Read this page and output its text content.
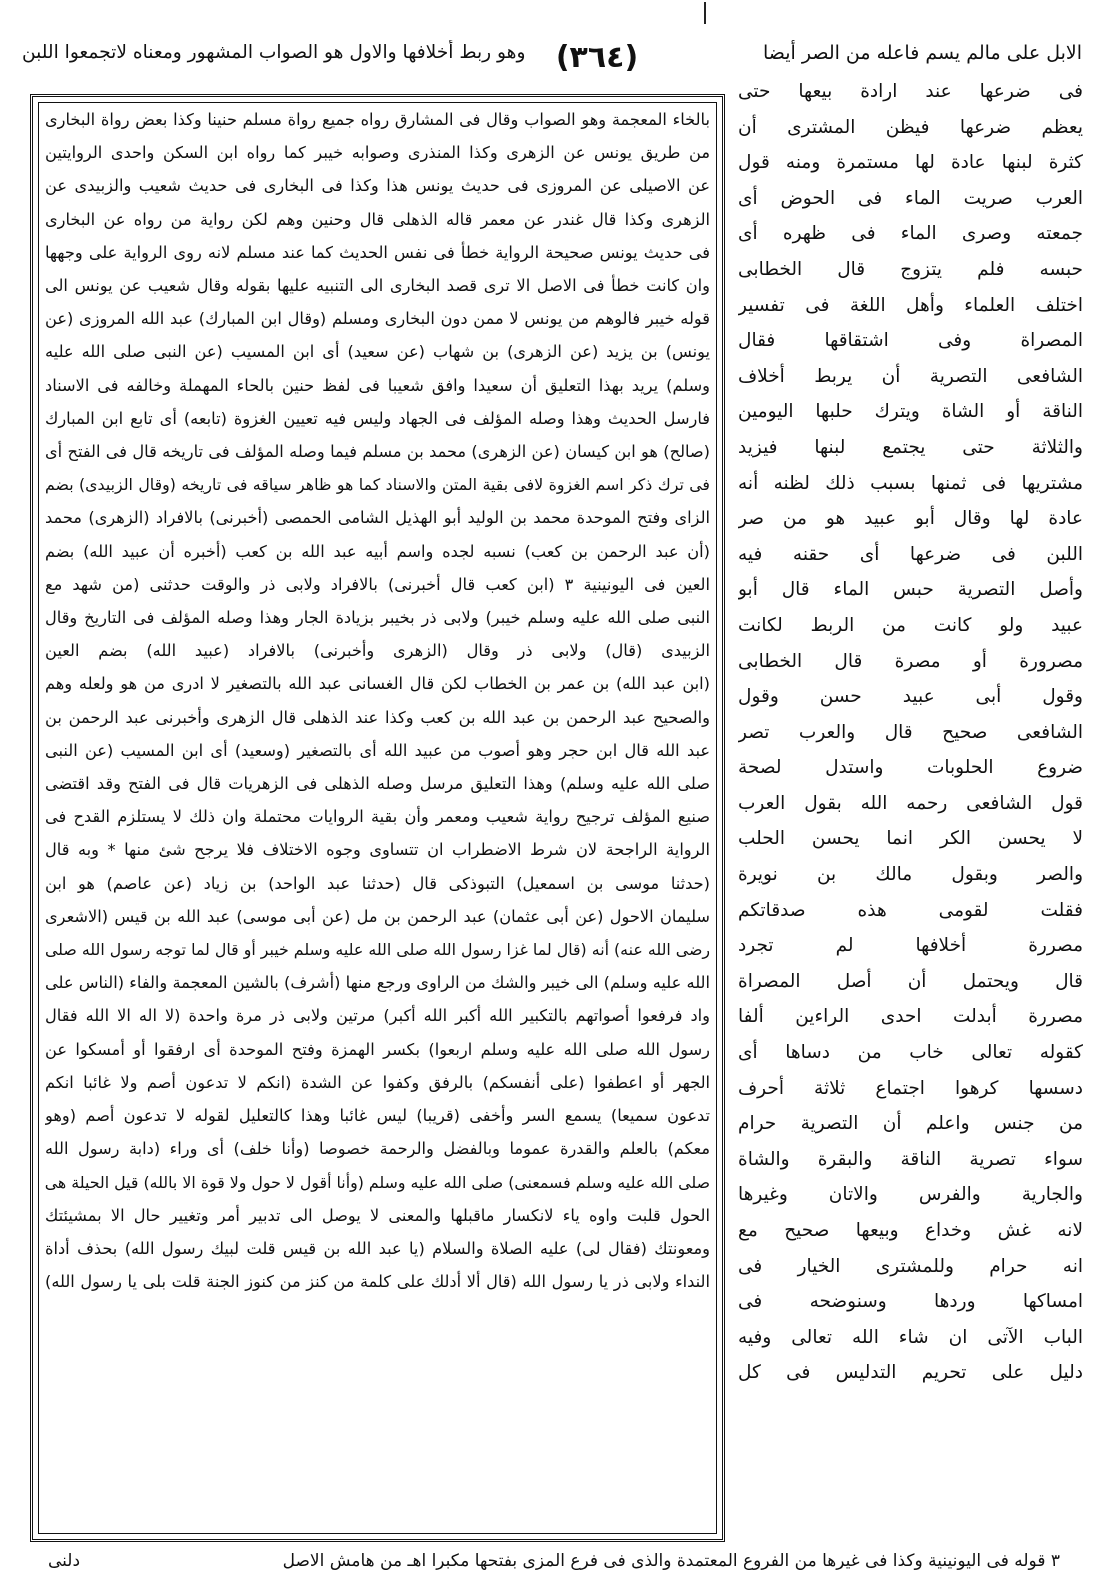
الابل على مالم يسم فاعله من الصر أيضا
(٣٦٤)
وهو ربط أخلافها والاول هو الصواب المشهور ومعناه لاتجمعوا اللبن
بالخاء المعجمة وهو الصواب وقال فى المشارق رواه جميع رواة مسلم حنينا وكذا بعض رواة البخارى
من طريق يونس عن الزهرى وكذا المنذرى وصوابه خيبر كما رواه ابن السكن واحدى الروايتين
عن الاصيلى عن المروزى فى حديث يونس هذا وكذا فى البخارى فى حديث شعيب والزبيدى عن
الزهرى وكذا قال غندر عن معمر قاله الذهلى قال وحنين وهم لكن رواية من رواه عن البخارى
فى حديث يونس صحيحة الرواية خطأ فى نفس الحديث كما عند مسلم لانه روى الرواية على وجهها
وان كانت خطأ فى الاصل الا ترى قصد البخارى الى التنبيه عليها بقوله وقال شعيب عن يونس الى
قوله خيبر فالوهم من يونس لا ممن دون البخارى ومسلم (وقال ابن المبارك) عبد الله المروزى (عن
يونس) بن يزيد (عن الزهرى) بن شهاب (عن سعيد) أى ابن المسيب (عن النبى صلى الله عليه
وسلم) يريد بهذا التعليق أن سعيدا وافق شعيبا فى لفظ حنين بالحاء المهملة وخالفه فى الاسناد
فارسل الحديث وهذا وصله المؤلف فى الجهاد وليس فيه تعيين الغزوة (تابعه) أى تابع ابن المبارك
(صالح) هو ابن كيسان (عن الزهرى) محمد بن مسلم فيما وصله المؤلف فى تاريخه قال فى الفتح أى
فى ترك ذكر اسم الغزوة لافى بقية المتن والاسناد كما هو ظاهر سياقه فى تاريخه (وقال الزبيدى) بضم
الزاى وفتح الموحدة محمد بن الوليد أبو الهذيل الشامى الحمصى (أخبرنى) بالافراد (الزهرى) محمد
(أن عبد الرحمن بن كعب) نسبه لجده واسم أبيه عبد الله بن كعب (أخبره أن عبيد الله) بضم
العين فى اليونينية ٣ (ابن كعب قال أخبرنى) بالافراد ولابى ذر والوقت حدثنى (من شهد مع
النبى صلى الله عليه وسلم خيبر) ولابى ذر بخيبر بزيادة الجار وهذا وصله المؤلف فى التاريخ وقال
الزبيدى (قال) ولابى ذر وقال (الزهرى وأخبرنى) بالافراد (عبيد الله) بضم العين
(ابن عبد الله) بن عمر بن الخطاب لكن قال الغسانى عبد الله بالتصغير لا ادرى من هو ولعله وهم
والصحيح عبد الرحمن بن عبد الله بن كعب وكذا عند الذهلى قال الزهرى وأخبرنى عبد الرحمن بن
عبد الله قال ابن حجر وهو أصوب من عبيد الله أى بالتصغير (وسعيد) أى ابن المسيب (عن النبى
صلى الله عليه وسلم) وهذا التعليق مرسل وصله الذهلى فى الزهريات قال فى الفتح وقد اقتضى
صنيع المؤلف ترجيح رواية شعيب ومعمر وأن بقية الروايات محتملة وان ذلك لا يستلزم القدح فى
الرواية الراجحة لان شرط الاضطراب ان تتساوى وجوه الاختلاف فلا يرجح شئ منها * وبه قال
(حدثنا موسى بن اسمعيل) التبوذكى قال (حدثنا عبد الواحد) بن زياد (عن عاصم) هو ابن
سليمان الاحول (عن أبى عثمان) عبد الرحمن بن مل (عن أبى موسى) عبد الله بن قيس (الاشعرى
رضى الله عنه) أنه (قال لما غزا رسول الله صلى الله عليه وسلم خيبر أو قال لما توجه رسول الله صلى
الله عليه وسلم) الى خيبر والشك من الراوى ورجع منها (أشرف) بالشين المعجمة والفاء (الناس على
واد فرفعوا أصواتهم بالتكبير الله أكبر الله أكبر) مرتين ولابى ذر مرة واحدة (لا اله الا الله فقال
رسول الله صلى الله عليه وسلم اربعوا) بكسر الهمزة وفتح الموحدة أى ارفقوا أو أمسكوا عن
الجهر أو اعطفوا (على أنفسكم) بالرفق وكفوا عن الشدة (انكم لا تدعون أصم ولا غائبا انكم
تدعون سميعا) يسمع السر وأخفى (قريبا) ليس غائبا وهذا كالتعليل لقوله لا تدعون أصم (وهو
معكم) بالعلم والقدرة عموما وبالفضل والرحمة خصوصا (وأنا خلف) أى وراء (دابة رسول الله
صلى الله عليه وسلم فسمعنى) صلى الله عليه وسلم (وأنا أقول لا حول ولا قوة الا بالله) قيل الحيلة هى
الحول قلبت واوه ياء لانكسار ماقبلها والمعنى لا يوصل الى تدبير أمر وتغيير حال الا بمشيئتك
ومعونتك (فقال لى) عليه الصلاة والسلام (يا عبد الله بن قيس قلت لبيك رسول الله) بحذف أداة
النداء ولابى ذر يا رسول الله (قال ألا أدلك على كلمة من كنز من كنوز الجنة قلت بلى يا رسول الله)
فى ضرعها عند ارادة بيعها حتى
يعظم ضرعها فيظن المشترى أن
كثرة لبنها عادة لها مستمرة ومنه قول
العرب صريت الماء فى الحوض أى
جمعته وصرى الماء فى ظهره أى
حبسه فلم يتزوج قال الخطابى
اختلف العلماء وأهل اللغة فى تفسير
المصراة وفى اشتقاقها فقال
الشافعى التصرية أن يربط أخلاف
الناقة أو الشاة ويترك حلبها اليومين
والثلاثة حتى يجتمع لبنها فيزيد
مشتريها فى ثمنها بسبب ذلك لظنه أنه
عادة لها وقال أبو عبيد هو من صر
اللبن فى ضرعها أى حقنه فيه
وأصل التصرية حبس الماء قال أبو
عبيد ولو كانت من الربط لكانت
مصرورة أو مصرة قال الخطابى
وقول أبى عبيد حسن وقول
الشافعى صحيح قال والعرب تصر
ضروع الحلوبات واستدل لصحة
قول الشافعى رحمه الله بقول العرب
لا يحسن الكر انما يحسن الحلب
والصر وبقول مالك بن نويرة
فقلت لقومى هذه صدقاتكم
مصررة أخلافها لم تجرد
قال ويحتمل أن أصل المصراة
مصررة أبدلت احدى الراءين ألفا
كقوله تعالى خاب من دساها أى
دسسها كرهوا اجتماع ثلاثة أحرف
من جنس واعلم أن التصرية حرام
سواء تصرية الناقة والبقرة والشاة
والجارية والفرس والاتان وغيرها
لانه غش وخداع وبيعها صحيح مع
انه حرام وللمشترى الخيار فى
امساكها وردها وسنوضحه فى
الباب الآتى ان شاء الله تعالى وفيه
دليل على تحريم التدليس فى كل
٣ قوله فى اليونينية وكذا فى غيرها من الفروع المعتمدة والذى فى فرع المزى بفتحها مكبرا اهـ من هامش الاصل
دلنى
